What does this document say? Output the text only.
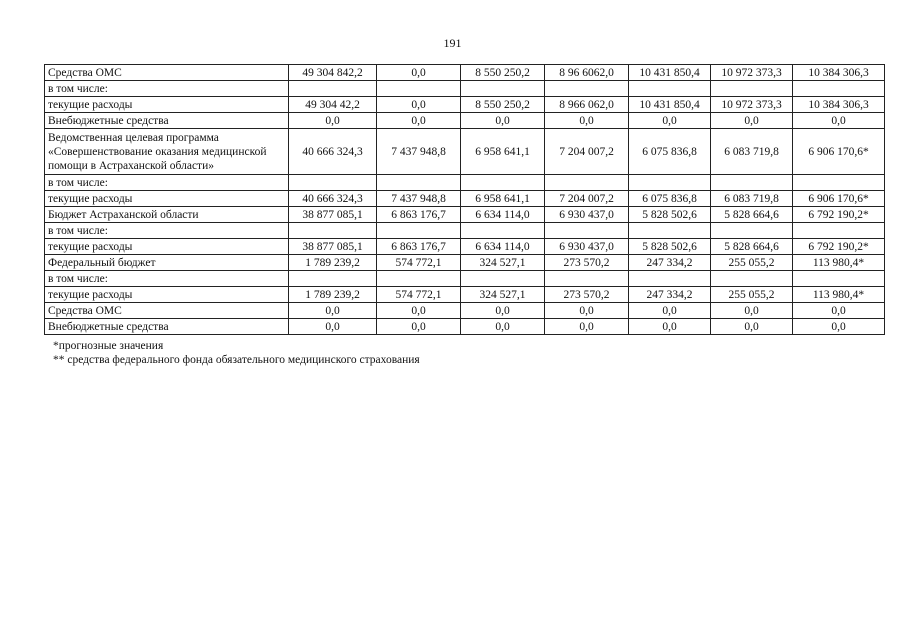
191
Средства ОМС	49 304 842,2	0,0	8 550 250,2	8 96 6062,0	10 431 850,4	10 972 373,3	10 384 306,3
в том числе:							
текущие расходы	49 304 42,2	0,0	8 550 250,2	8 966 062,0	10 431 850,4	10 972 373,3	10 384 306,3
Внебюджетные средства	0,0	0,0	0,0	0,0	0,0	0,0	0,0
Ведомственная целевая программа «Совершенствование оказания медицинской помощи в Астраханской области»	40 666 324,3	7 437 948,8	6 958 641,1	7 204 007,2	6 075 836,8	6 083 719,8	6 906 170,6*
в том числе:							
текущие расходы	40 666 324,3	7 437 948,8	6 958 641,1	7 204 007,2	6 075 836,8	6 083 719,8	6 906 170,6*
Бюджет Астраханской области	38 877 085,1	6 863 176,7	6 634 114,0	6 930 437,0	5 828 502,6	5 828 664,6	6 792 190,2*
в том числе:							
текущие расходы	38 877 085,1	6 863 176,7	6 634 114,0	6 930 437,0	5 828 502,6	5 828 664,6	6 792 190,2*
Федеральный бюджет	1 789 239,2	574 772,1	324 527,1	273 570,2	247 334,2	255 055,2	113 980,4*
в том числе:							
текущие расходы	1 789 239,2	574 772,1	324 527,1	273 570,2	247 334,2	255 055,2	113 980,4*
Средства ОМС	0,0	0,0	0,0	0,0	0,0	0,0	0,0
Внебюджетные средства	0,0	0,0	0,0	0,0	0,0	0,0	0,0
*прогнозные значения
** средства федерального фонда обязательного медицинского страхования
